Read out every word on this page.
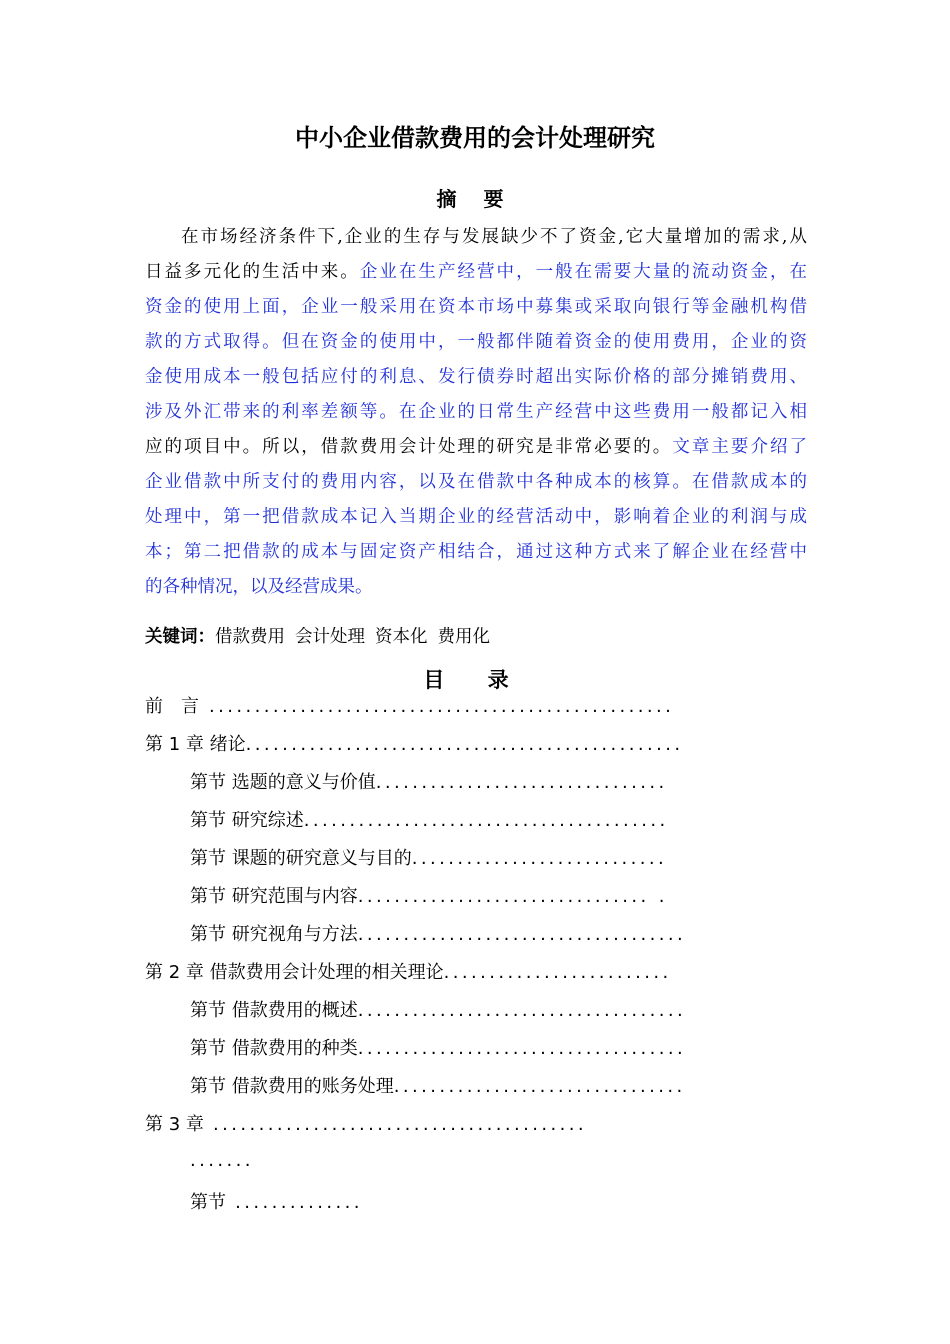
中小企业借款费用的会计处理研究
摘 要
在市场经济条件下,企业的生存与发展缺少不了资金,它大量增加的需求,从
日益多元化的生活中来。企业在生产经营中，一般在需要大量的流动资金，在
资金的使用上面，企业一般采用在资本市场中募集或采取向银行等金融机构借
款的方式取得。但在资金的使用中，一般都伴随着资金的使用费用，企业的资
金使用成本一般包括应付的利息、发行债券时超出实际价格的部分摊销费用、
涉及外汇带来的利率差额等。在企业的日常生产经营中这些费用一般都记入相
应的项目中。所以，借款费用会计处理的研究是非常必要的。文章主要介绍了
企业借款中所支付的费用内容，以及在借款中各种成本的核算。在借款成本的
处理中，第一把借款成本记入当期企业的经营活动中，影响着企业的利润与成
本；第二把借款的成本与固定资产相结合，通过这种方式来了解企业在经营中
的各种情况，以及经营成果。
关键词：借款费用 会计处理 资本化 费用化
目 录
前　言 ...................................................
第 1 章 绪论................................................
第节 选题的意义与价值................................
第节 研究综述........................................
第节 课题的研究意义与目的............................
第节 研究范围与内容................................ .
第节 研究视角与方法....................................
第 2 章 借款费用会计处理的相关理论.........................
第节 借款费用的概述....................................
第节 借款费用的种类....................................
第节 借款费用的账务处理................................
第 3 章 .........................................
.......
第节 ..............
